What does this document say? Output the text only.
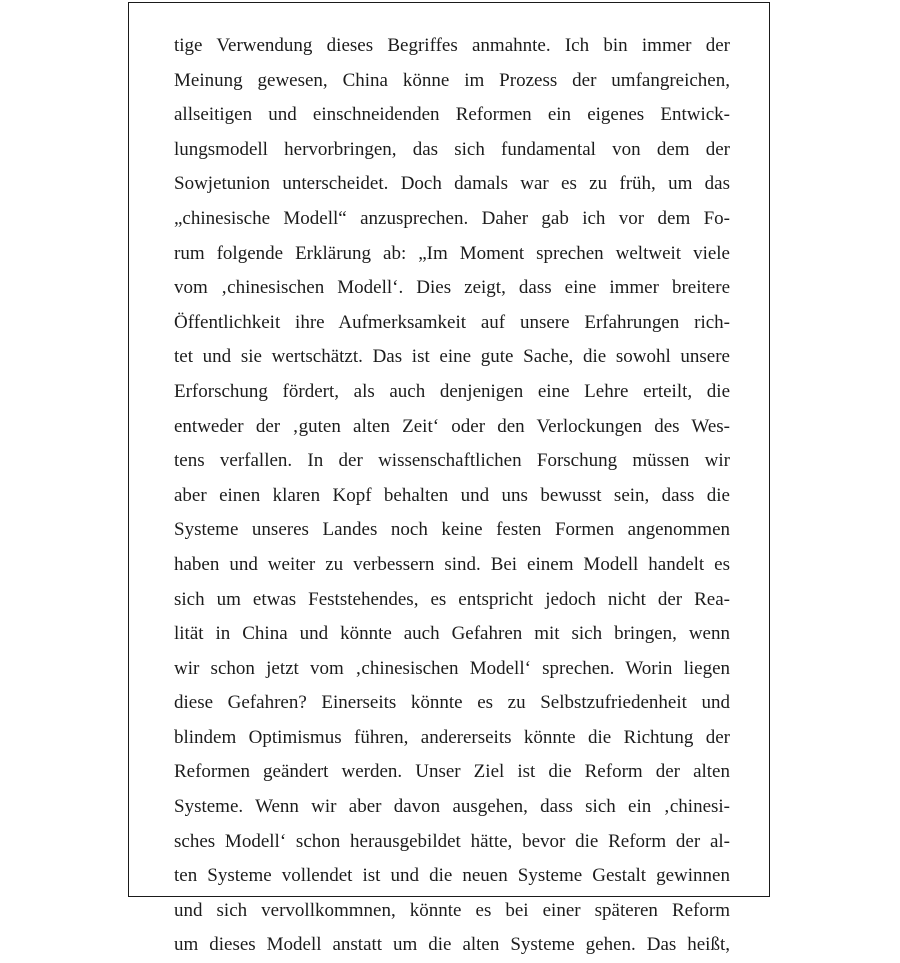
tige Verwendung dieses Begriffes anmahnte. Ich bin immer der
Meinung gewesen, China könne im Prozess der umfangreichen,
allseitigen und einschneidenden Reformen ein eigenes Entwick-
lungsmodell hervorbringen, das sich fundamental von dem der
Sowjetunion unterscheidet. Doch damals war es zu früh, um das
„chinesische Modell“ anzusprechen. Daher gab ich vor dem Fo-
rum folgende Erklärung ab: „Im Moment sprechen weltweit viele
vom ‚chinesischen Modell‘. Dies zeigt, dass eine immer breitere
Öffentlichkeit ihre Aufmerksamkeit auf unsere Erfahrungen rich-
tet und sie wertschätzt. Das ist eine gute Sache, die sowohl unsere
Erforschung fördert, als auch denjenigen eine Lehre erteilt, die
entweder der ‚guten alten Zeit‘ oder den Verlockungen des Wes-
tens verfallen. In der wissenschaftlichen Forschung müssen wir
aber einen klaren Kopf behalten und uns bewusst sein, dass die
Systeme unseres Landes noch keine festen Formen angenommen
haben und weiter zu verbessern sind. Bei einem Modell handelt es
sich um etwas Feststehendes, es entspricht jedoch nicht der Rea-
lität in China und könnte auch Gefahren mit sich bringen, wenn
wir schon jetzt vom ‚chinesischen Modell‘ sprechen. Worin liegen
diese Gefahren? Einerseits könnte es zu Selbstzufriedenheit und
blindem Optimismus führen, andererseits könnte die Richtung der
Reformen geändert werden. Unser Ziel ist die Reform der alten
Systeme. Wenn wir aber davon ausgehen, dass sich ein ‚chinesi-
sches Modell‘ schon herausgebildet hätte, bevor die Reform der al-
ten Systeme vollendet ist und die neuen Systeme Gestalt gewinnen
und sich vervollkommnen, könnte es bei einer späteren Reform
um dieses Modell anstatt um die alten Systeme gehen. Das heißt,
